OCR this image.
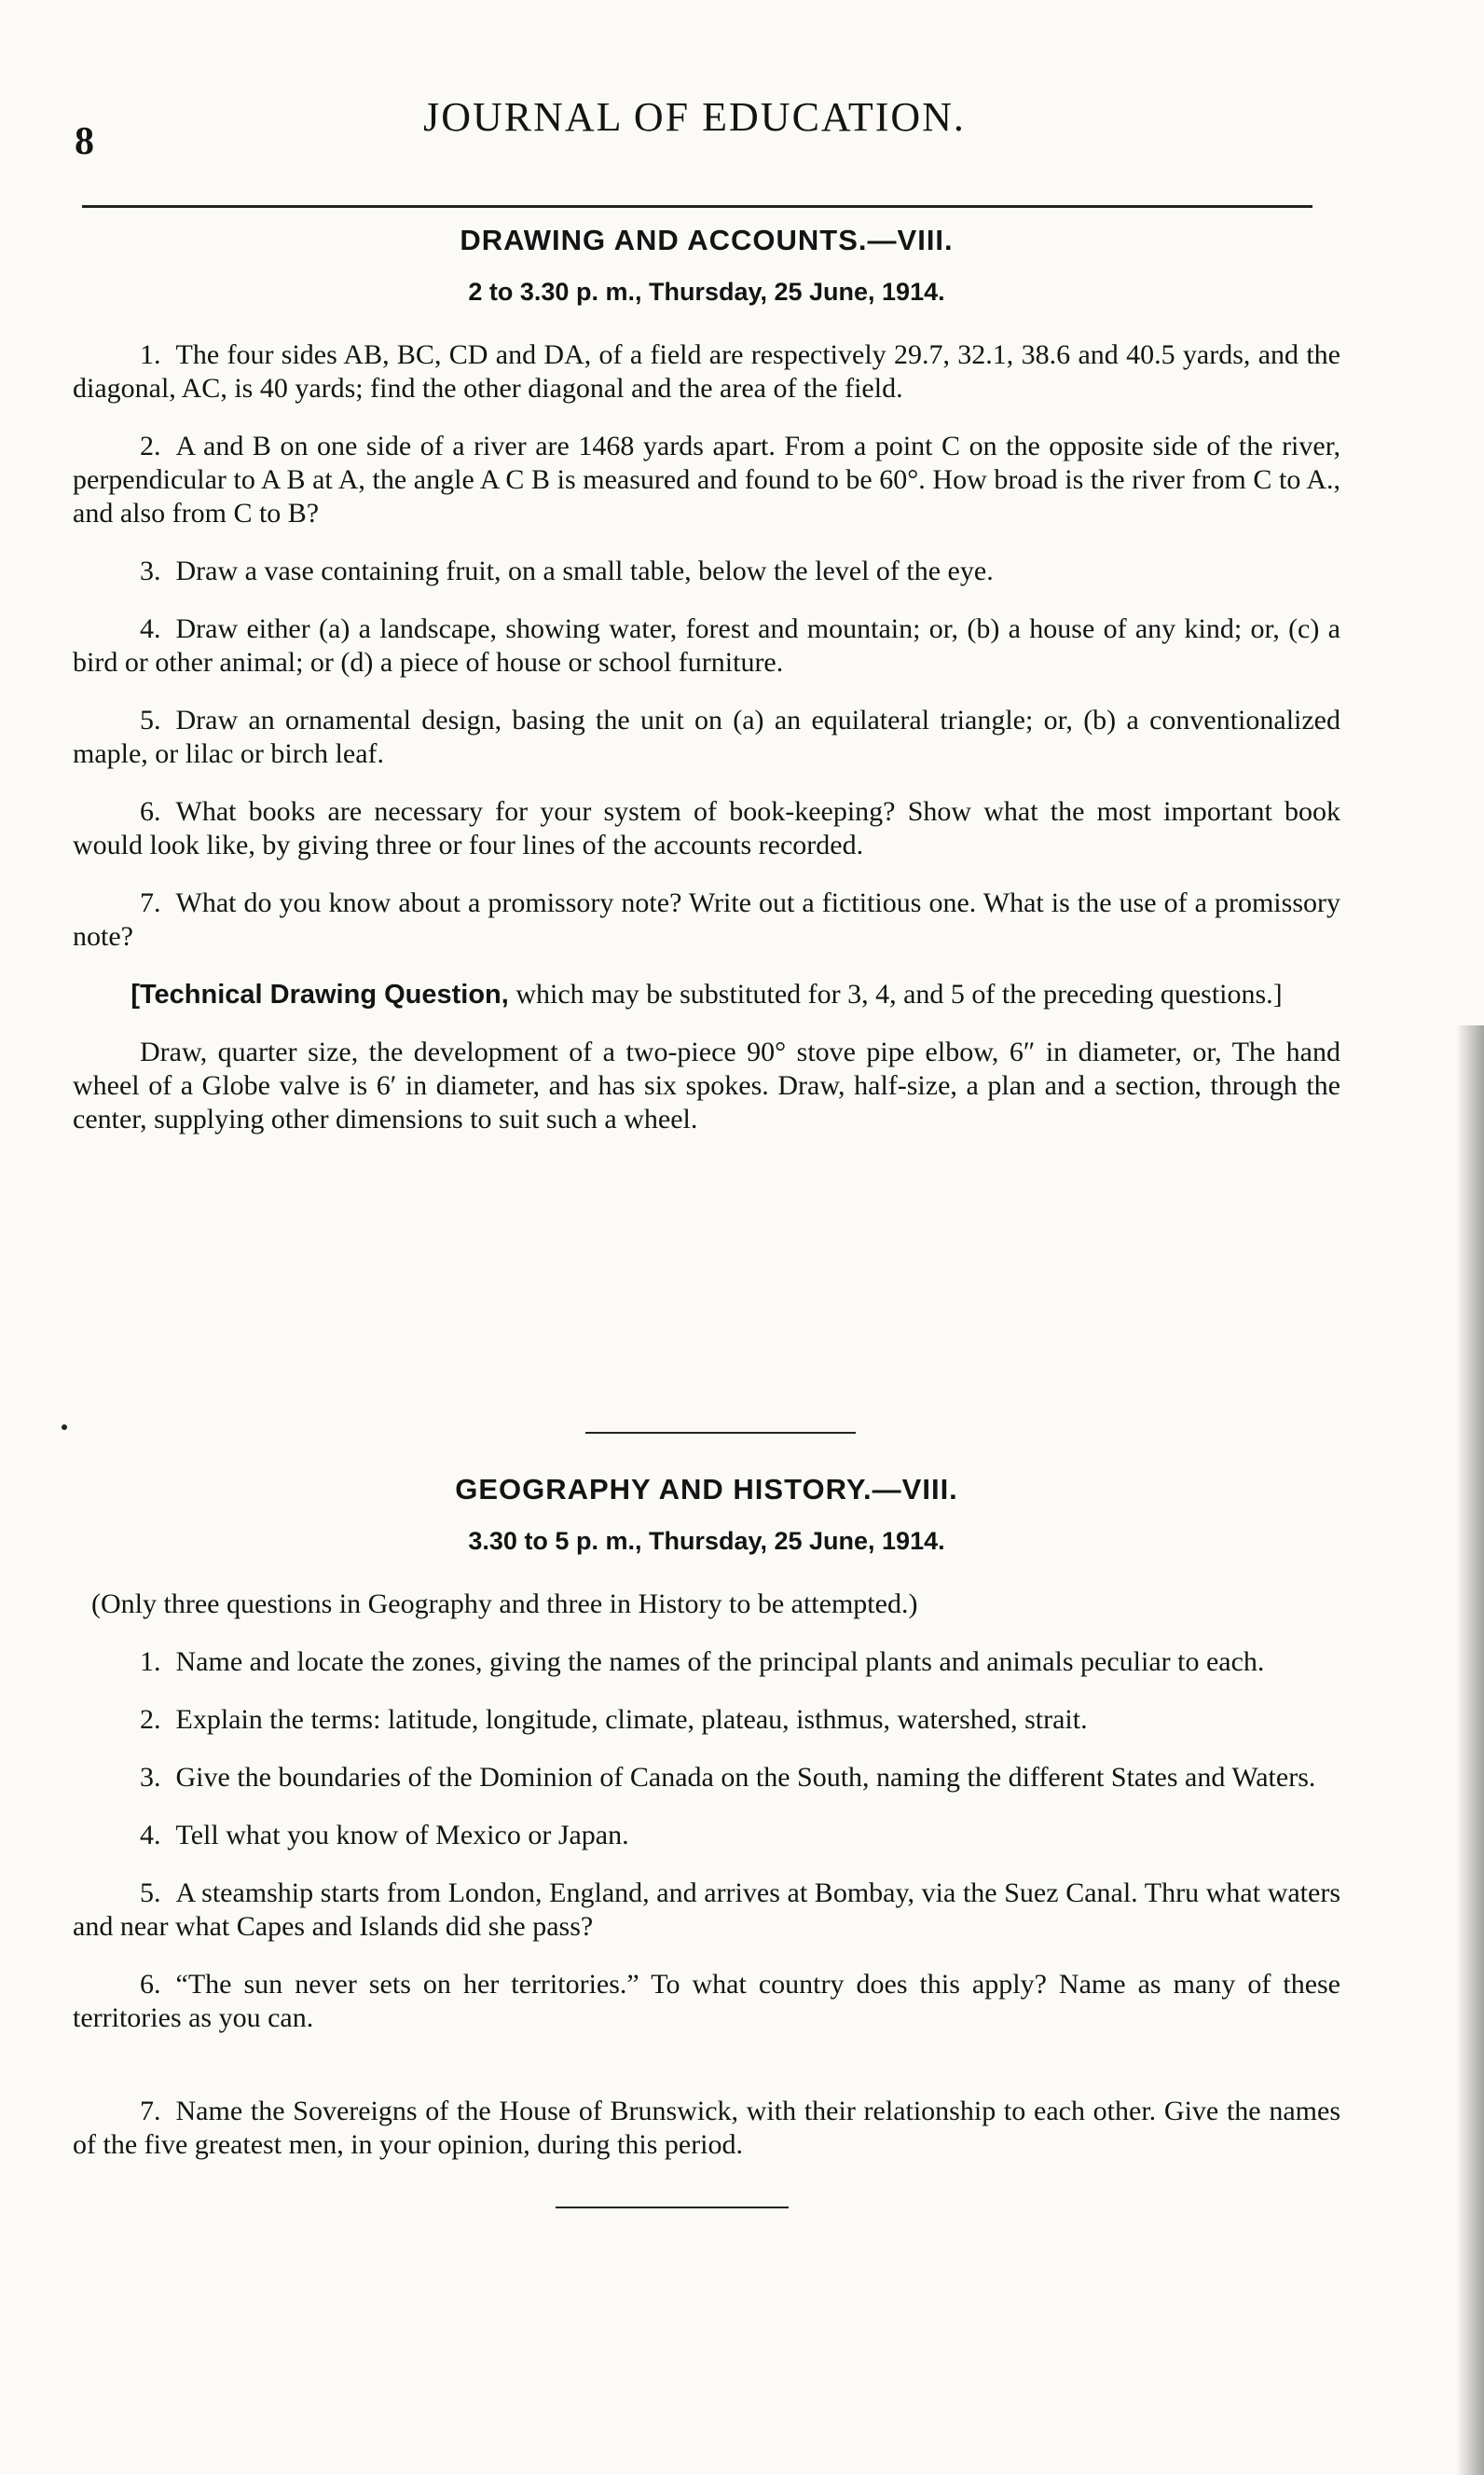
8
JOURNAL OF EDUCATION.
DRAWING AND ACCOUNTS.—VIII.
2 to 3.30 p. m., Thursday, 25 June, 1914.

1. The four sides AB, BC, CD and DA, of a field are respectively 29.7, 32.1, 38.6 and 40.5 yards, and the diagonal, AC, is 40 yards; find the other diagonal and the area of the field.

2. A and B on one side of a river are 1468 yards apart. From a point C on the opposite side of the river, perpendicular to A B at A, the angle A C B is measured and found to be 60°. How broad is the river from C to A., and also from C to B?

3. Draw a vase containing fruit, on a small table, below the level of the eye.

4. Draw either (a) a landscape, showing water, forest and mountain; or, (b) a house of any kind; or, (c) a bird or other animal; or (d) a piece of house or school furniture.

5. Draw an ornamental design, basing the unit on (a) an equilateral triangle; or, (b) a conventionalized maple, or lilac or birch leaf.

6. What books are necessary for your system of book-keeping? Show what the most important book would look like, by giving three or four lines of the accounts recorded.

7. What do you know about a promissory note? Write out a fictitious one. What is the use of a promissory note?

[Technical Drawing Question, which may be substituted for 3, 4, and 5 of the preceding questions.]

Draw, quarter size, the development of a two-piece 90° stove pipe elbow, 6″ in diameter, or, The hand wheel of a Globe valve is 6′ in diameter, and has six spokes. Draw, half-size, a plan and a section, through the center, supplying other dimensions to suit such a wheel.

GEOGRAPHY AND HISTORY.—VIII.
3.30 to 5 p. m., Thursday, 25 June, 1914.

(Only three questions in Geography and three in History to be attempted.)

1. Name and locate the zones, giving the names of the principal plants and animals peculiar to each.

2. Explain the terms: latitude, longitude, climate, plateau, isthmus, watershed, strait.

3. Give the boundaries of the Dominion of Canada on the South, naming the different States and Waters.

4. Tell what you know of Mexico or Japan.

5. A steamship starts from London, England, and arrives at Bombay, via the Suez Canal. Thru what waters and near what Capes and Islands did she pass?

6. “The sun never sets on her territories.” To what country does this apply? Name as many of these territories as you can.

7. Name the Sovereigns of the House of Brunswick, with their relationship to each other. Give the names of the five greatest men, in your opinion, during this period.
